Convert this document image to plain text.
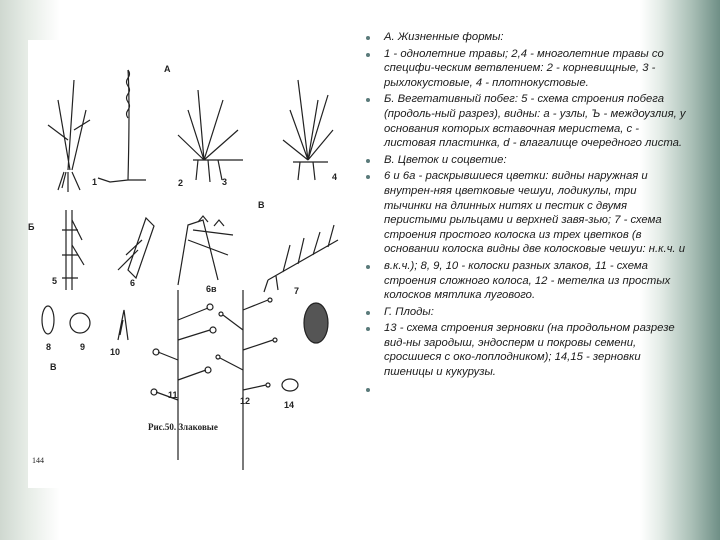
А
1	2	3	4
Б
В
5	6
6в	7
8	9	10
В
11
12	14
Рис.50. Злаковые
144
А. Жизненные формы:
1 - однолетние травы; 2,4 - многолетние травы со специфи-ческим ветвлением: 2 - корневищные, 3 - рыхлокустовые, 4 - плотнокустовые.
Б. Вегетативный побег: 5 - схема строения побега (продоль-ный разрез), видны: а - узлы, Ъ - междоузлия, у основания которых вставочная меристема, с - листовая пластинка, d - влагалище очередного листа.
В. Цветок и соцветие:
6 и 6а - раскрывшиеся цветки: видны наружная и внутрен-няя цветковые чешуи, лодикулы, три тычинки на длинных нитях и пестик с двумя перистыми рыльцами и верхней завя-зью; 7 - схема строения простого колоска из трех цветков (в основании колоска видны две колосковые чешуи: н.к.ч. и
в.к.ч.); 8, 9, 10 - колоски разных злаков, 11 - схема строения сложного колоса, 12 - метелка из простых колосков мятлика лугового.
Г. Плоды:
13 - схема строения зерновки (на продольном разрезе вид-ны зародыш, эндосперм и покровы семени, сросшиеся с око-лоплодником); 14,15 - зерновки пшеницы и кукурузы.
